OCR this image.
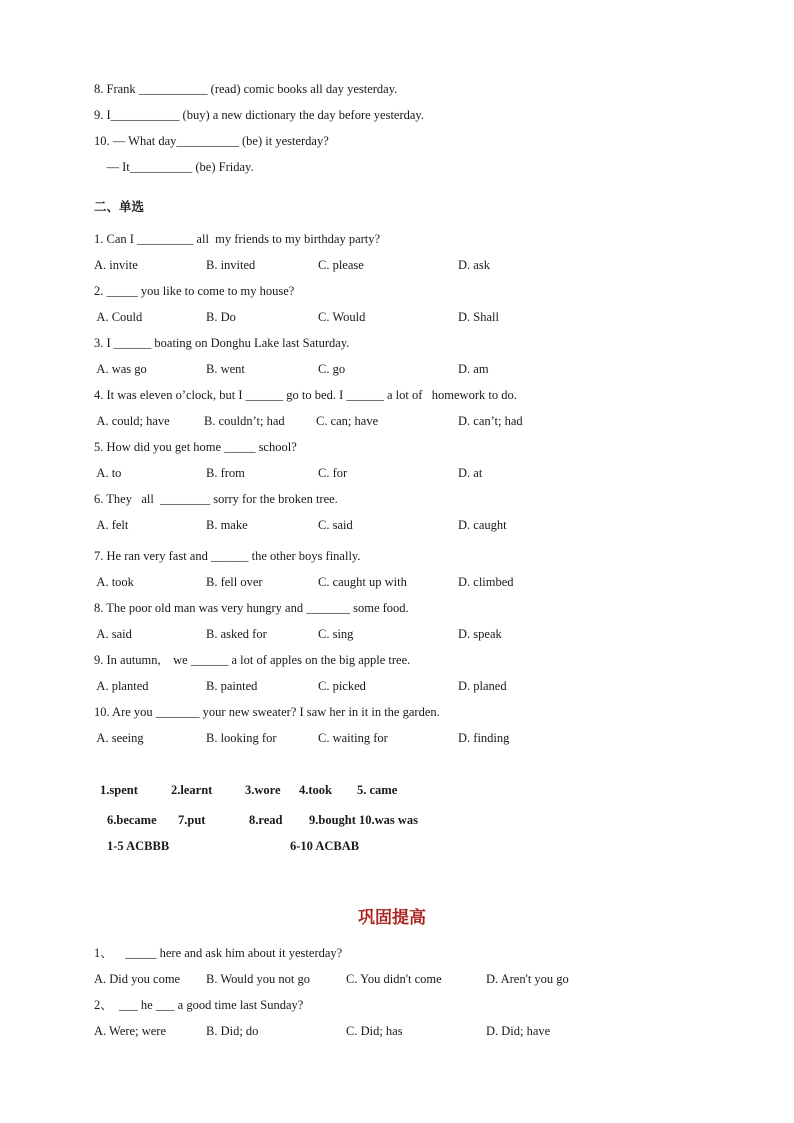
8. Frank ___________ (read) comic books all day yesterday.
9. I___________ (buy) a new dictionary the day before yesterday.
10. — What day__________ (be) it yesterday?
— It__________ (be) Friday.
二、单选
1. Can I _________ all  my friends to my birthday party?
A. invite	B. invited	C. please	D. ask
2. _____ you like to come to my house?
A. Could	B. Do	C. Would	D. Shall
3. I ______ boating on Donghu Lake last Saturday.
A. was go	B. went	C. go	D. am
4. It was eleven o’clock, but I ______ go to bed. I ______ a lot of   homework to do.
A. could; have	B. couldn’t; had	C. can; have	D. can’t; had
5. How did you get home _____ school?
A. to	B. from	C. for	D. at
6. They   all  ________ sorry for the broken tree.
A. felt	B. make	C. said	D. caught
7. He ran very fast and ______ the other boys finally.
A. took	B. fell over	C. caught up with	D. climbed
8. The poor old man was very hungry and _______ some food.
A. said	B. asked for	C. sing	D. speak
9. In autumn,    we ______ a lot of apples on the big apple tree.
A. planted	B. painted	C. picked	D. planed
10. Are you _______ your new sweater? I saw her in it in the garden.
A. seeing	B. looking for	C. waiting for	D. finding
1.spent	2.learnt	3.wore 4.took 5. came
6.became 7.put	8.read 9.bought 10.was was
1-5 ACBBB	6-10 ACBAB
巩固提高
1、    _____ here and ask him about it yesterday?
A. Did you come B. Would you not go	C. You didn't come	D. Aren't you go
2、  ___ he ___ a good time last Sunday?
A. Were; were	B. Did; do	C. Did; has	D. Did; have
